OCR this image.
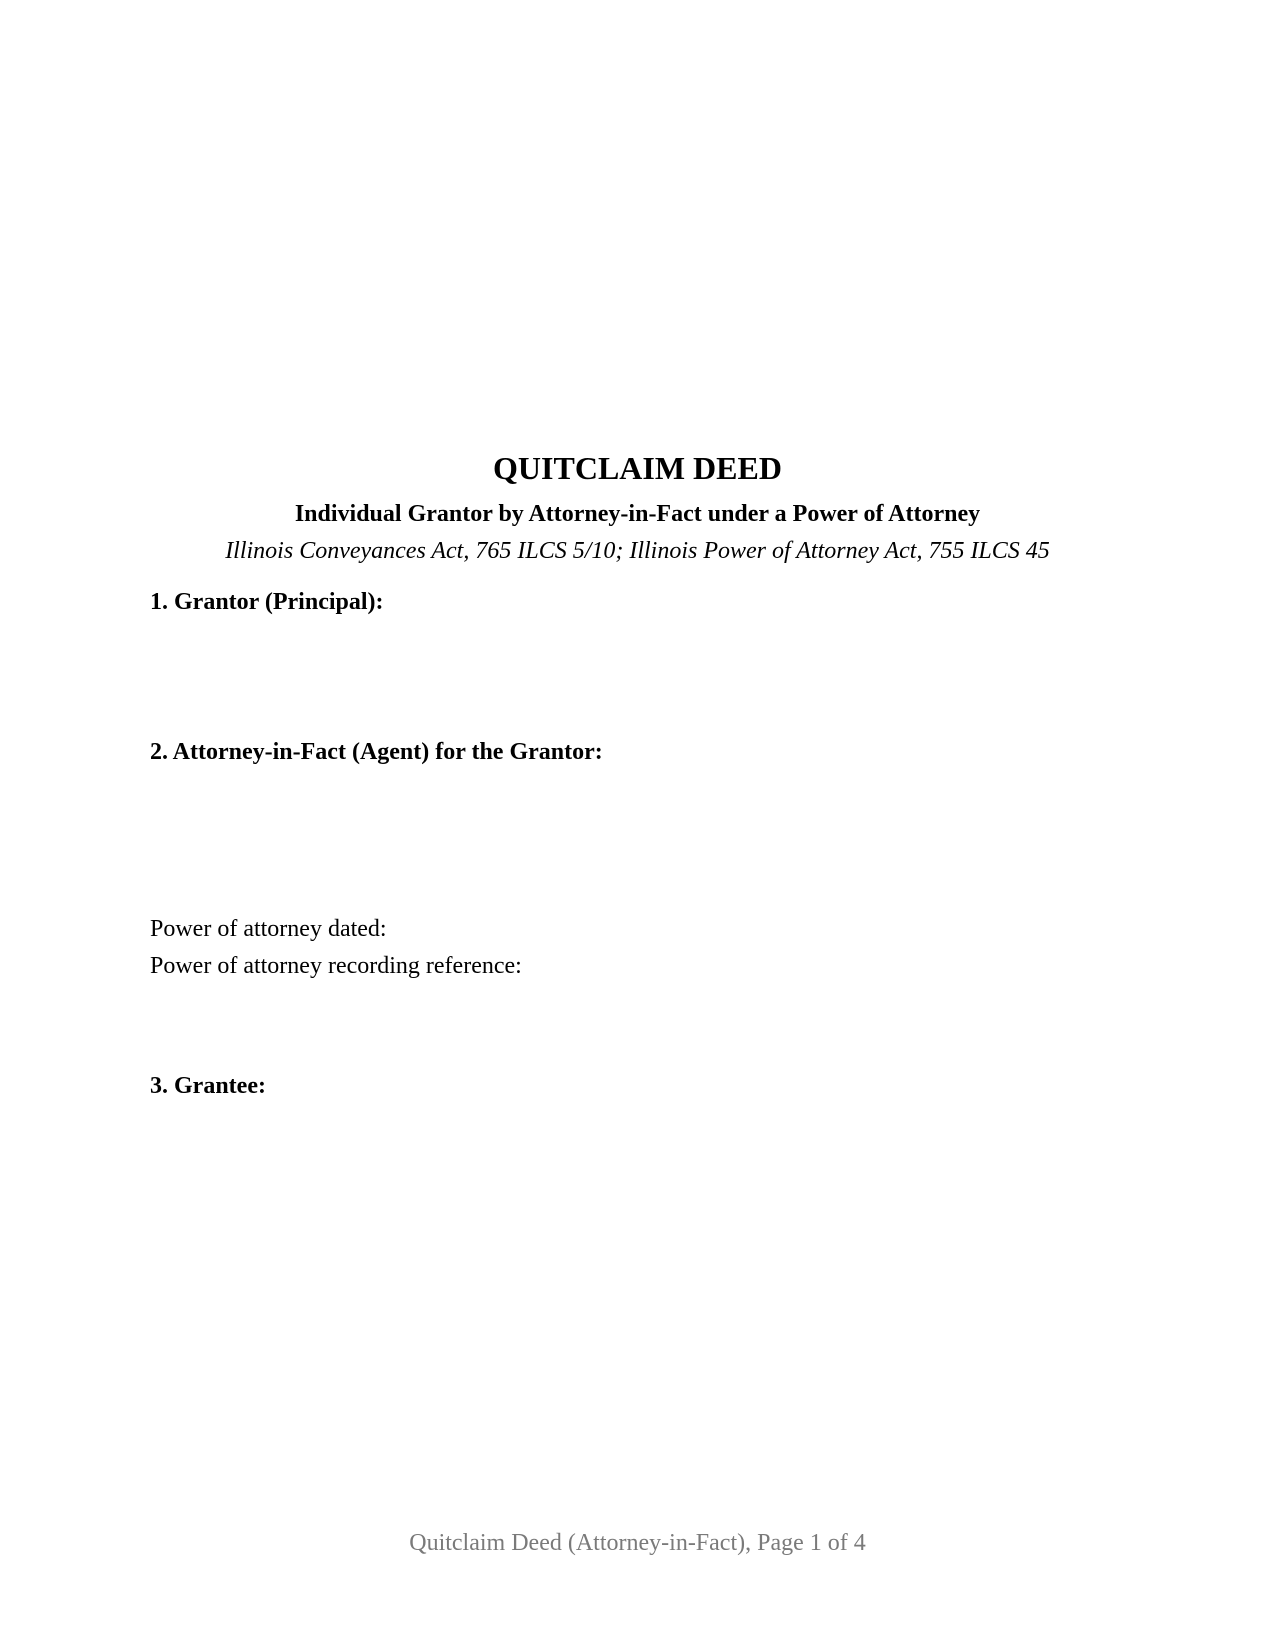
QUITCLAIM DEED
Individual Grantor by Attorney-in-Fact under a Power of Attorney
Illinois Conveyances Act, 765 ILCS 5/10; Illinois Power of Attorney Act, 755 ILCS 45
1. Grantor (Principal):
2. Attorney-in-Fact (Agent) for the Grantor:
Power of attorney dated:
Power of attorney recording reference:
3. Grantee:
Quitclaim Deed (Attorney-in-Fact), Page 1 of 4
